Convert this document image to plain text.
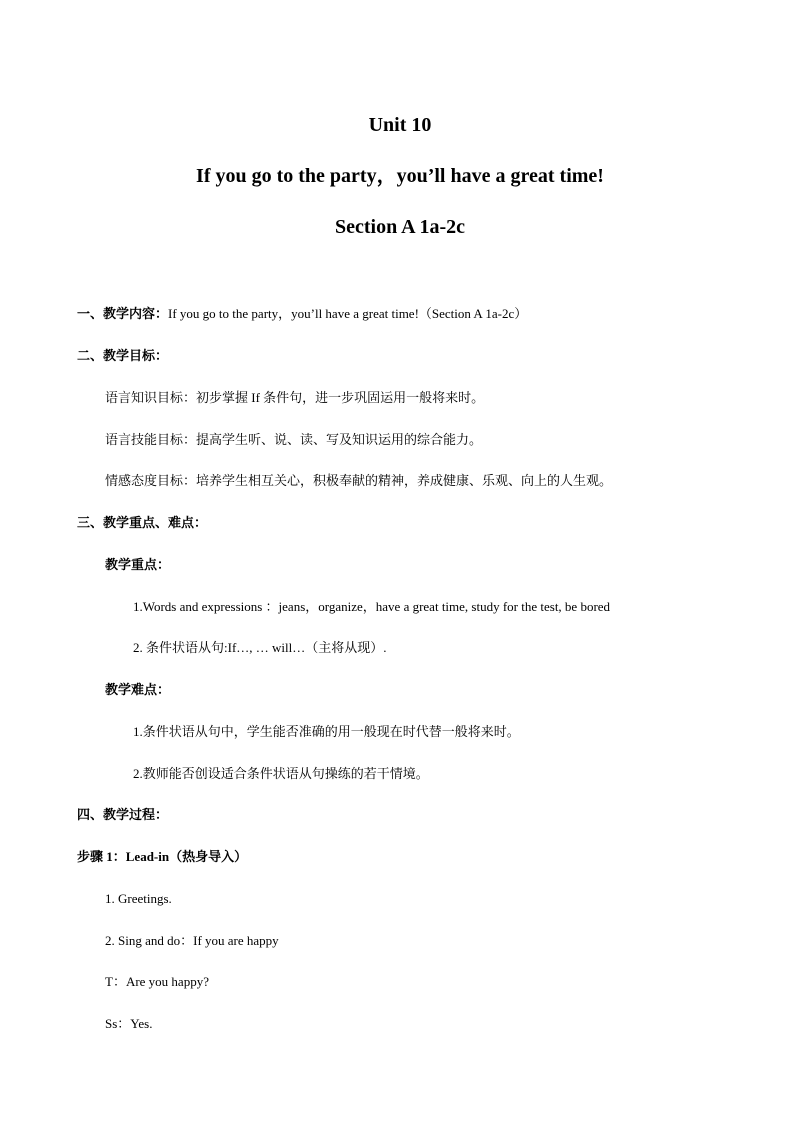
Unit 10
If you go to the party，you’ll have a great time!
Section A 1a-2c
一、教学内容：If you go to the party，you’ll have a great time!（Section A 1a-2c）
二、教学目标：
语言知识目标：初步掌握 If 条件句，进一步巩固运用一般将来时。
语言技能目标：提高学生听、说、读、写及知识运用的综合能力。
情感态度目标：培养学生相互关心，积极奉献的精神，养成健康、乐观、向上的人生观。
三、教学重点、难点：
教学重点：
1.Words and expressions ：jeans，organize，have a great time, study for the test, be bored
2. 条件状语从句:If…, … will…（主将从现）.
教学难点：
1.条件状语从句中，学生能否准确的用一般现在时代替一般将来时。
2.教师能否创设适合条件状语从句操练的若干情境。
四、教学过程：
步骤 1：Lead-in（热身导入）
1. Greetings.
2. Sing and do：If you are happy
T：Are you happy?
Ss：Yes.
